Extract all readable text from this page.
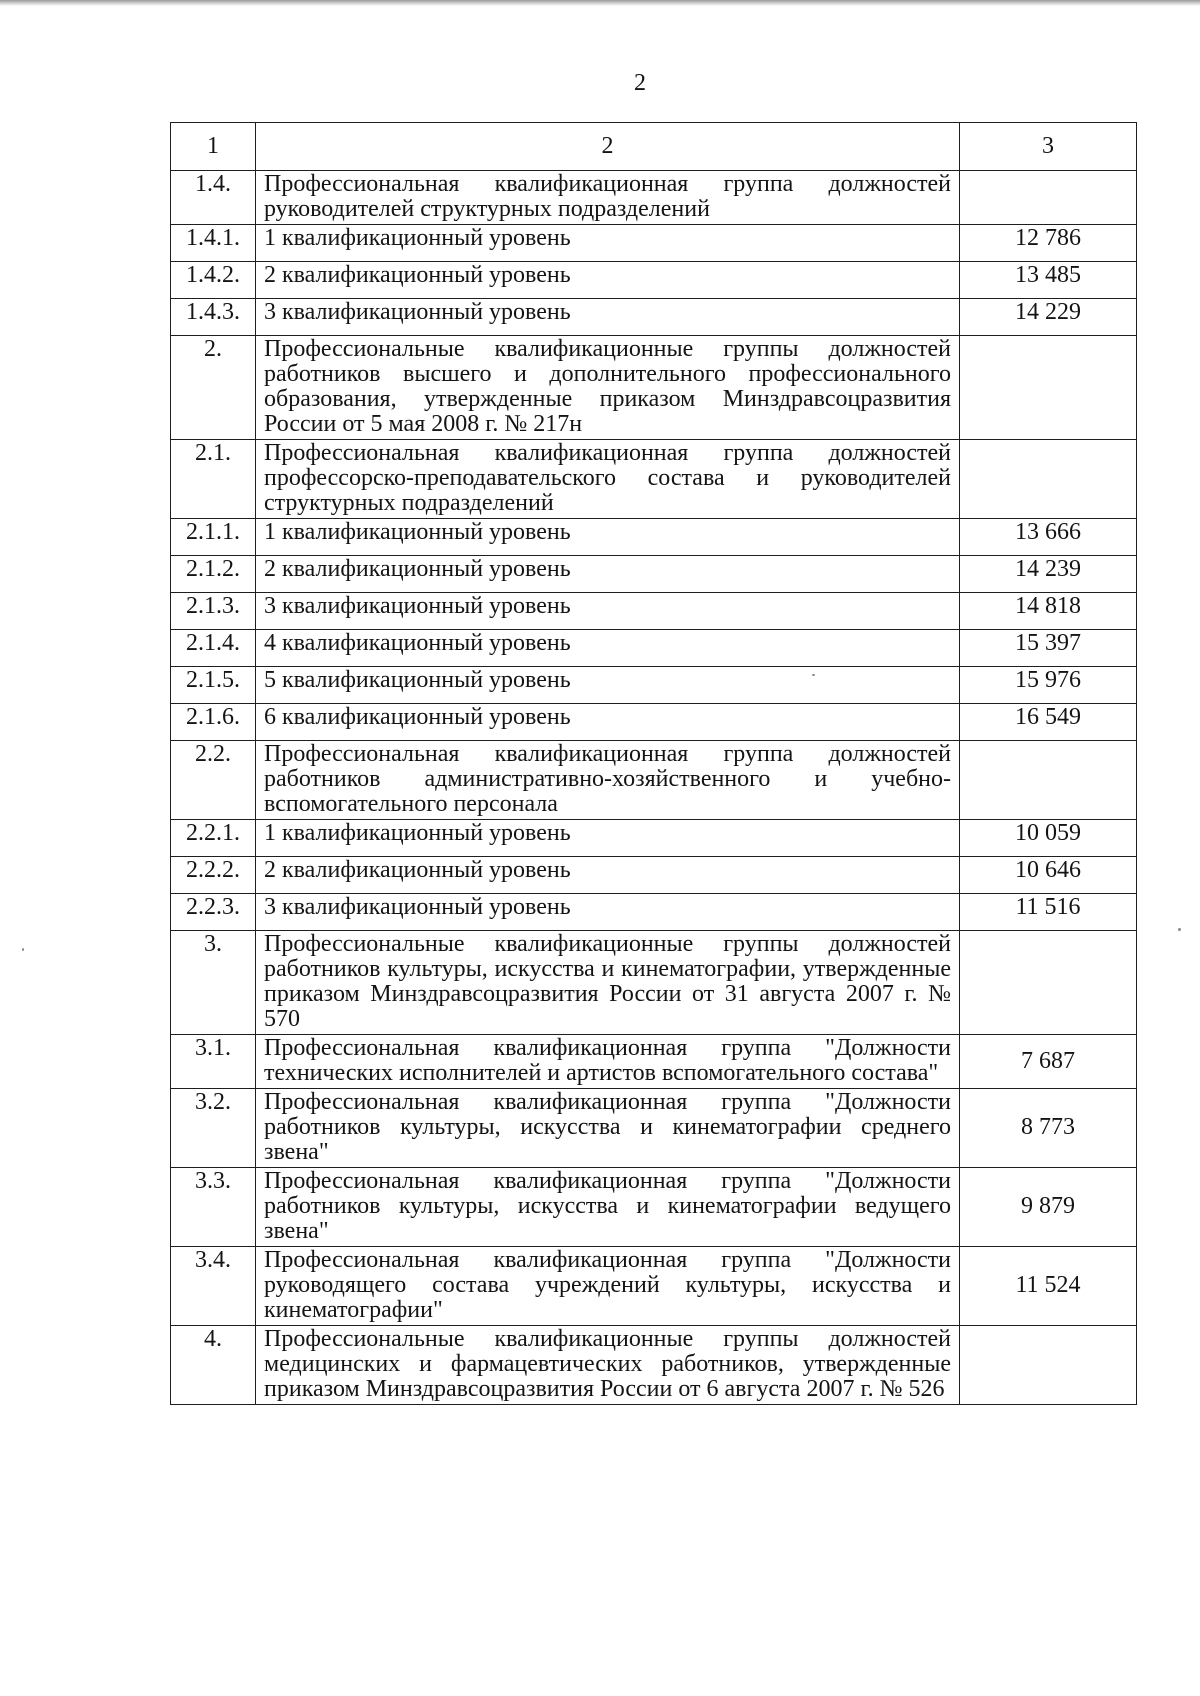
2
1	2	3
1.4.	Профессиональная квалификационная группа должностей руководителей структурных подразделений	
1.4.1.	1 квалификационный уровень	12 786
1.4.2.	2 квалификационный уровень	13 485
1.4.3.	3 квалификационный уровень	14 229
2.	Профессиональные квалификационные группы должностей работников высшего и дополнительного профессионального образования, утвержденные приказом Минздравсоцразвития России от 5 мая 2008 г. № 217н	
2.1.	Профессиональная квалификационная группа должностей профессорско-преподавательского состава и руководителей структурных подразделений	
2.1.1.	1 квалификационный уровень	13 666
2.1.2.	2 квалификационный уровень	14 239
2.1.3.	3 квалификационный уровень	14 818
2.1.4.	4 квалификационный уровень	15 397
2.1.5.	5 квалификационный уровень	15 976
2.1.6.	6 квалификационный уровень	16 549
2.2.	Профессиональная квалификационная группа должностей работников административно-хозяйственного и учебно-вспомогательного персонала	
2.2.1.	1 квалификационный уровень	10 059
2.2.2.	2 квалификационный уровень	10 646
2.2.3.	3 квалификационный уровень	11 516
3.	Профессиональные квалификационные группы должностей работников культуры, искусства и кинематографии, утвержденные приказом Минздравсоцразвития России от 31 августа 2007 г. № 570	
3.1.	Профессиональная квалификационная группа "Должности технических исполнителей и артистов вспомогательного состава"	7 687
3.2.	Профессиональная квалификационная группа "Должности работников культуры, искусства и кинематографии среднего звена"	8 773
3.3.	Профессиональная квалификационная группа "Должности работников культуры, искусства и кинематографии ведущего звена"	9 879
3.4.	Профессиональная квалификационная группа "Должности руководящего состава учреждений культуры, искусства и кинематографии"	11 524
4.	Профессиональные квалификационные группы должностей медицинских и фармацевтических работников, утвержденные приказом Минздравсоцразвития России от 6 августа 2007 г. № 526	
